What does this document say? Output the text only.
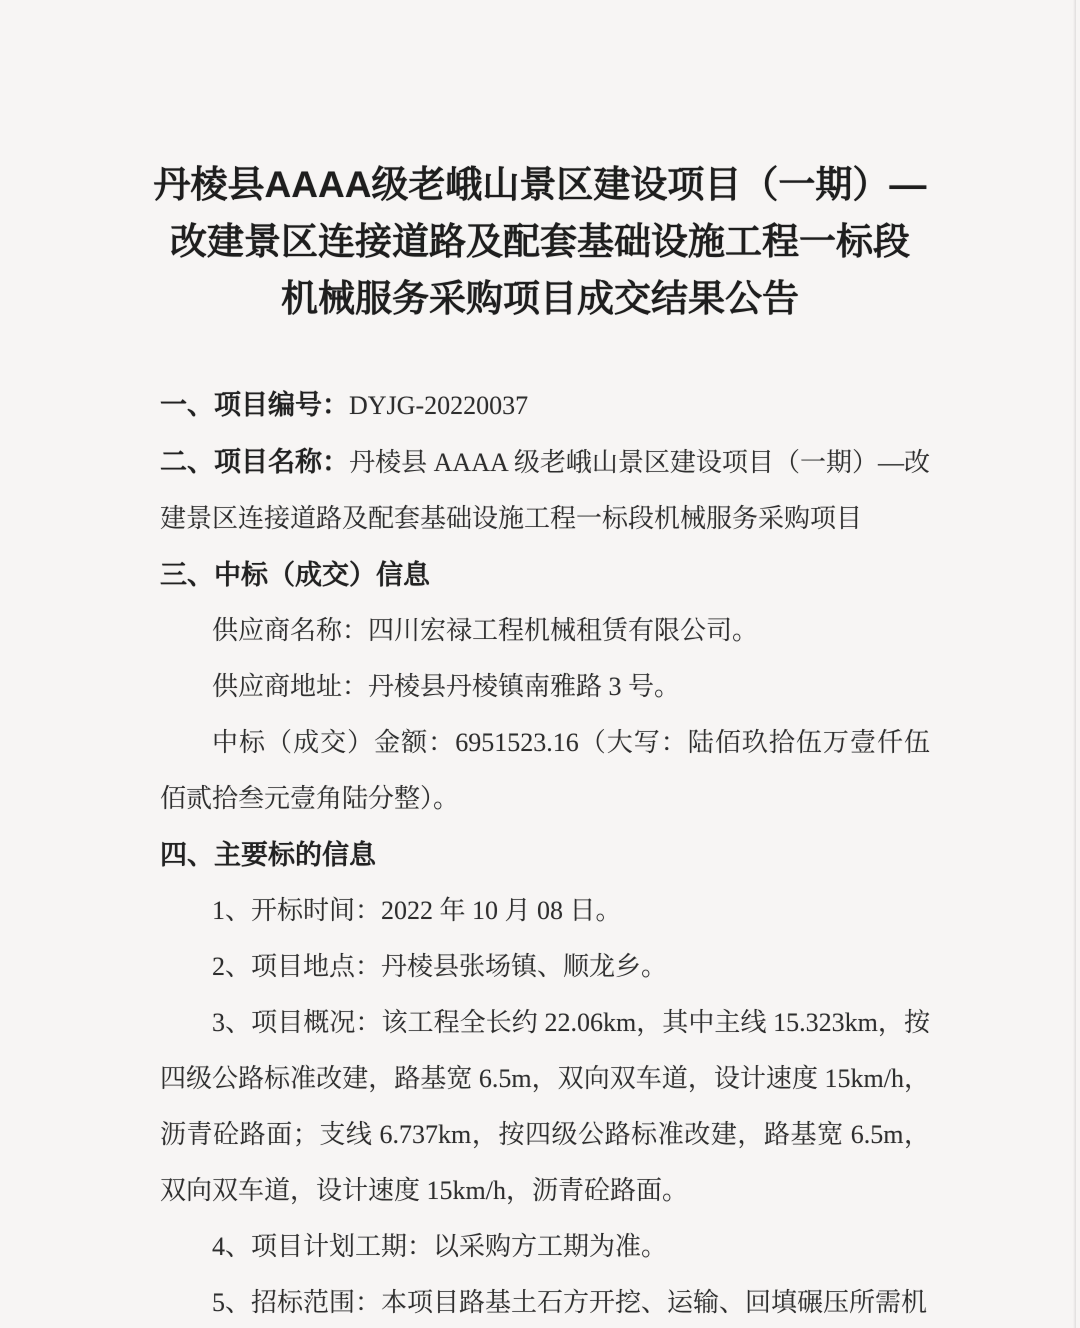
丹棱县AAAA级老峨山景区建设项目（一期）—
改建景区连接道路及配套基础设施工程一标段
机械服务采购项目成交结果公告

一、项目编号：DYJG-20220037

二、项目名称：丹棱县 AAAA 级老峨山景区建设项目（一期）—改建景区连接道路及配套基础设施工程一标段机械服务采购项目

三、中标（成交）信息

供应商名称：四川宏禄工程机械租赁有限公司。

供应商地址：丹棱县丹棱镇南雅路 3 号。

中标（成交）金额：6951523.16（大写：陆佰玖拾伍万壹仟伍佰贰拾叁元壹角陆分整）。

四、主要标的信息

1、开标时间：2022 年 10 月 08 日。

2、项目地点：丹棱县张场镇、顺龙乡。

3、项目概况：该工程全长约 22.06km，其中主线 15.323km，按四级公路标准改建，路基宽 6.5m，双向双车道，设计速度 15km/h，沥青砼路面；支线 6.737km，按四级公路标准改建，路基宽 6.5m，双向双车道，设计速度 15km/h，沥青砼路面。

4、项目计划工期：以采购方工期为准。

5、招标范围：本项目路基土石方开挖、运输、回填碾压所需机
